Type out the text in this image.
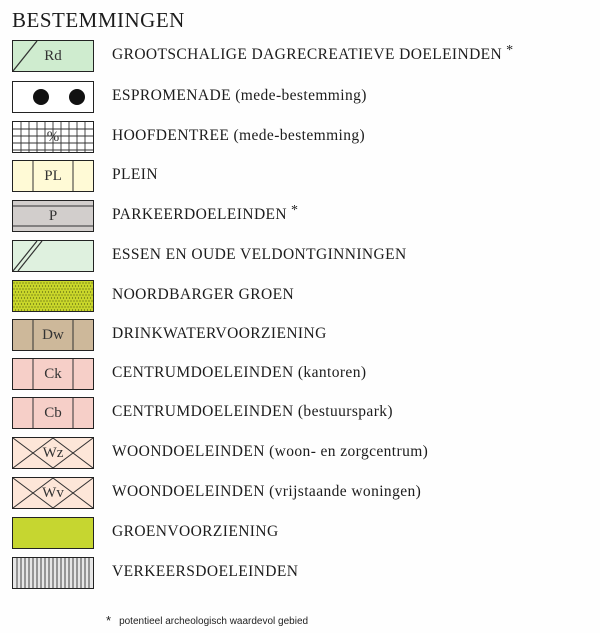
BESTEMMINGEN
Rd	GROOTSCHALIGE DAGRECREATIEVE DOELEINDEN *
ESPROMENADE (mede-bestemming)
%	HOOFDENTREE (mede-bestemming)
PL	PLEIN
P	PARKEERDOELEINDEN *
ESSEN EN OUDE VELDONTGINNINGEN
NOORDBARGER GROEN
Dw	DRINKWATERVOORZIENING
Ck	CENTRUMDOELEINDEN (kantoren)
Cb	CENTRUMDOELEINDEN (bestuurspark)
Wz	WOONDOELEINDEN (woon- en zorgcentrum)
Wv	WOONDOELEINDEN (vrijstaande woningen)
GROENVOORZIENING
VERKEERSDOELEINDEN
* potentieel archeologisch waardevol gebied
